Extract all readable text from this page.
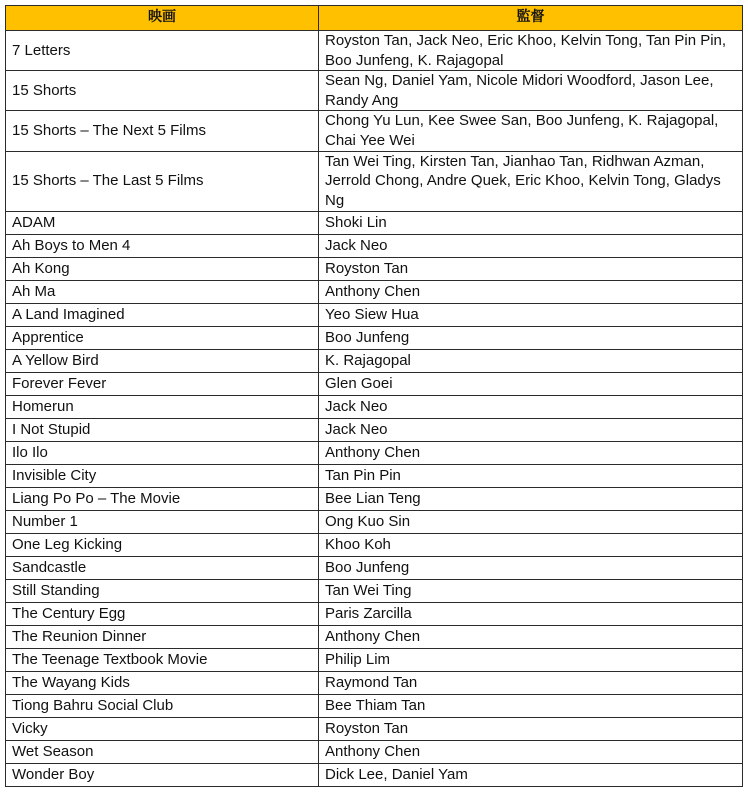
映画	監督
7 Letters	Royston Tan, Jack Neo, Eric Khoo, Kelvin Tong, Tan Pin Pin, Boo Junfeng, K. Rajagopal
15 Shorts	Sean Ng, Daniel Yam, Nicole Midori Woodford, Jason Lee, Randy Ang
15 Shorts – The Next 5 Films	Chong Yu Lun, Kee Swee San, Boo Junfeng, K. Rajagopal, Chai Yee Wei
15 Shorts – The Last 5 Films	Tan Wei Ting, Kirsten Tan, Jianhao Tan, Ridhwan Azman, Jerrold Chong, Andre Quek, Eric Khoo, Kelvin Tong, Gladys Ng
ADAM	Shoki Lin
Ah Boys to Men 4	Jack Neo
Ah Kong	Royston Tan
Ah Ma	Anthony Chen
A Land Imagined	Yeo Siew Hua
Apprentice	Boo Junfeng
A Yellow Bird	K. Rajagopal
Forever Fever	Glen Goei
Homerun	Jack Neo
I Not Stupid	Jack Neo
Ilo Ilo	Anthony Chen
Invisible City	Tan Pin Pin
Liang Po Po – The Movie	Bee Lian Teng
Number 1	Ong Kuo Sin
One Leg Kicking	Khoo Koh
Sandcastle	Boo Junfeng
Still Standing	Tan Wei Ting
The Century Egg	Paris Zarcilla
The Reunion Dinner	Anthony Chen
The Teenage Textbook Movie	Philip Lim
The Wayang Kids	Raymond Tan
Tiong Bahru Social Club	Bee Thiam Tan
Vicky	Royston Tan
Wet Season	Anthony Chen
Wonder Boy	Dick Lee, Daniel Yam
